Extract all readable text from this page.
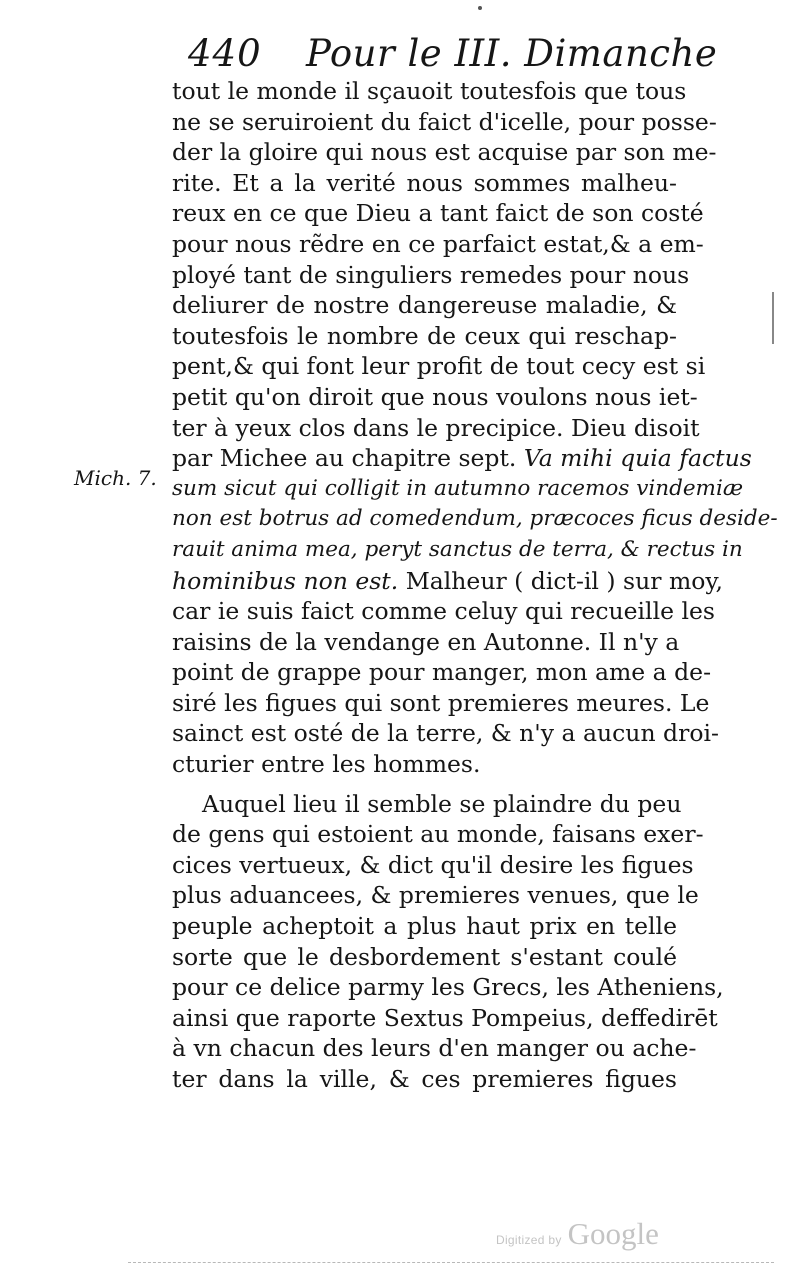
440 Pour le III. Dimanche
Mich. 7.
tout le monde il sçauoit toutesfois que tous
ne se seruiroient du faict d'icelle, pour posse-
der la gloire qui nous est acquise par son me-
rite. Et a la verité nous sommes malheu-
reux en ce que Dieu a tant faict de son costé
pour nous rẽdre en ce parfaict estat,& a em-
ployé tant de singuliers remedes pour nous
deliurer de nostre dangereuse maladie, &
toutesfois le nombre de ceux qui reschap-
pent,& qui font leur profit de tout cecy est si
petit qu'on diroit que nous voulons nous iet-
ter à yeux clos dans le precipice. Dieu disoit
par Michee au chapitre sept. Va mihi quia factus
sum sicut qui colligit in autumno racemos vindemiæ
non est botrus ad comedendum, præcoces ficus deside-
rauit anima mea, peryt sanctus de terra, & rectus in
hominibus non est. Malheur ( dict-il ) sur moy,
car ie suis faict comme celuy qui recueille les
raisins de la vendange en Autonne. Il n'y a
point de grappe pour manger, mon ame a de-
siré les figues qui sont premieres meures. Le
sainct est osté de la terre, & n'y a aucun droi-
cturier entre les hommes.
Auquel lieu il semble se plaindre du peu
de gens qui estoient au monde, faisans exer-
cices vertueux, & dict qu'il desire les figues
plus aduancees, & premieres venues, que le
peuple acheptoit a plus haut prix en telle
sorte que le desbordement s'estant coulé
pour ce delice parmy les Grecs, les Atheniens,
ainsi que raporte Sextus Pompeius, deffedirēt
à vn chacun des leurs d'en manger ou ache-
ter dans la ville, & ces premieres figues
Digitized by Google
